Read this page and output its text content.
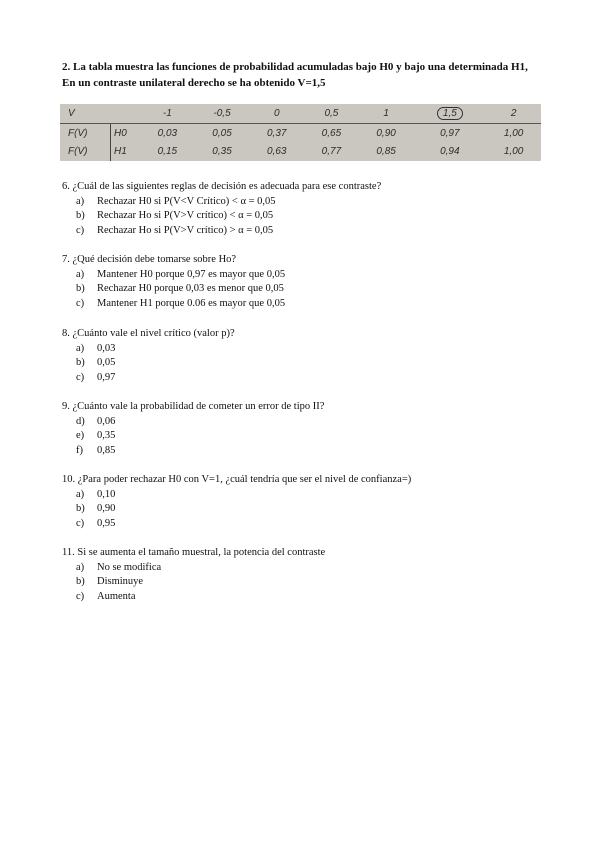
2. La tabla muestra las funciones de probabilidad acumuladas bajo H0 y bajo una determinada H1,
En un contraste unilateral derecho se ha obtenido V=1,5
V		-1	-0,5	0	0,5	1	1,5	2
F(V)	H0	0,03	0,05	0,37	0,65	0,90	0,97	1,00
F(V)	H1	0,15	0,35	0,63	0,77	0,85	0,94	1,00
6. ¿Cuál de las siguientes reglas de decisión es adecuada para ese contraste?
a)	Rechazar H0 si P(V<V Crítico) < α = 0,05
b)	Rechazar Ho si P(V>V crítico) < α = 0,05
c)	Rechazar Ho si P(V>V crítico) > α = 0,05
7. ¿Qué decisión debe tomarse sobre Ho?
a)	Mantener H0 porque 0,97 es mayor que 0,05
b)	Rechazar H0 porque 0,03 es menor que 0,05
c)	Mantener H1 porque 0.06 es mayor que 0,05
8. ¿Cuánto vale el nivel crítico (valor p)?
a)	0,03
b)	0,05
c)	0,97
9. ¿Cuánto vale la probabilidad de cometer un error de tipo II?
d)	0,06
e)	0,35
f)	0,85
10. ¿Para poder rechazar H0 con V=1, ¿cuál tendría que ser el nivel de confianza=)
a)	0,10
b)	0,90
c)	0,95
11. Si se aumenta el tamaño muestral, la potencia del contraste
a)	No se modifica
b)	Disminuye
c)	Aumenta
